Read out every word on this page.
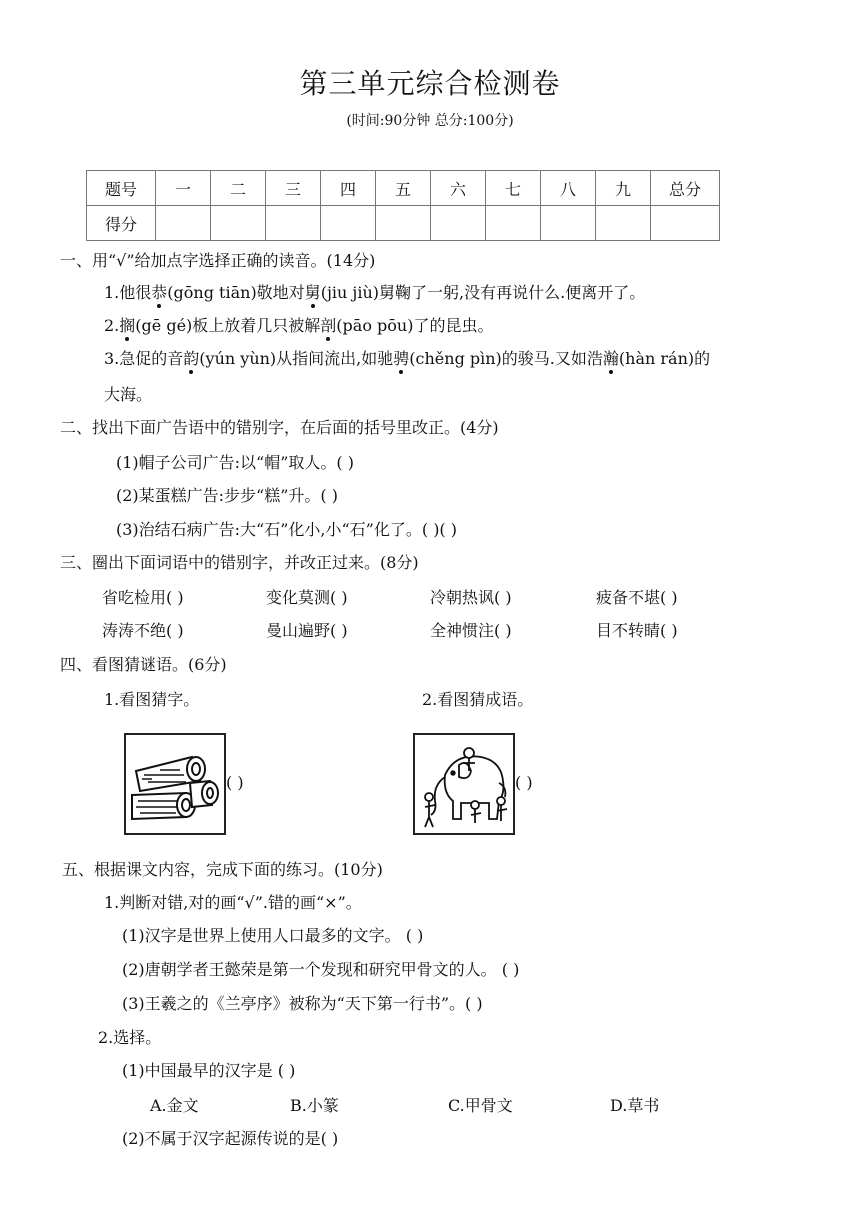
第三单元综合检测卷
(时间:90分钟 总分:100分)
题号	一	二	三	四	五	六	七	八	九	总分
得分										
一、用“√”给加点字选择正确的读音。(14分)
1.他很恭(gōng tiān)敬地对舅(jiu jiù)舅鞠了一躬,没有再说什么.便离开了。
2.搁(gē gé)板上放着几只被解剖(pāo pōu)了的昆虫。
3.急促的音韵(yún yùn)从指间流出,如驰骋(chěng pìn)的骏马.又如浩瀚(hàn rán)的
大海。
二、找出下面广告语中的错别字，在后面的括号里改正。(4分)
(1)帽子公司广告:以“帽”取人。( )
(2)某蛋糕广告:步步“糕”升。( )
(3)治结石病广告:大“石”化小,小“石”化了。( )( )
三、圈出下面词语中的错别字，并改正过来。(8分)
省吃检用( )	变化莫测( )	冷朝热讽( )	疲备不堪( )
涛涛不绝( )	曼山遍野( )	全神惯注( )	目不转睛( )
四、看图猜谜语。(6分)
1.看图猜字。	2.看图猜成语。
( )	( )
五、根据课文内容，完成下面的练习。(10分)
1.判断对错,对的画“√”.错的画“×”。
(1)汉字是世界上使用人口最多的文字。 ( )
(2)唐朝学者王懿荣是第一个发现和研究甲骨文的人。 ( )
(3)王羲之的《兰亭序》被称为“天下第一行书”。( )
2.选择。
(1)中国最早的汉字是 ( )
A.金文	B.小篆	C.甲骨文	D.草书
(2)不属于汉字起源传说的是( )
